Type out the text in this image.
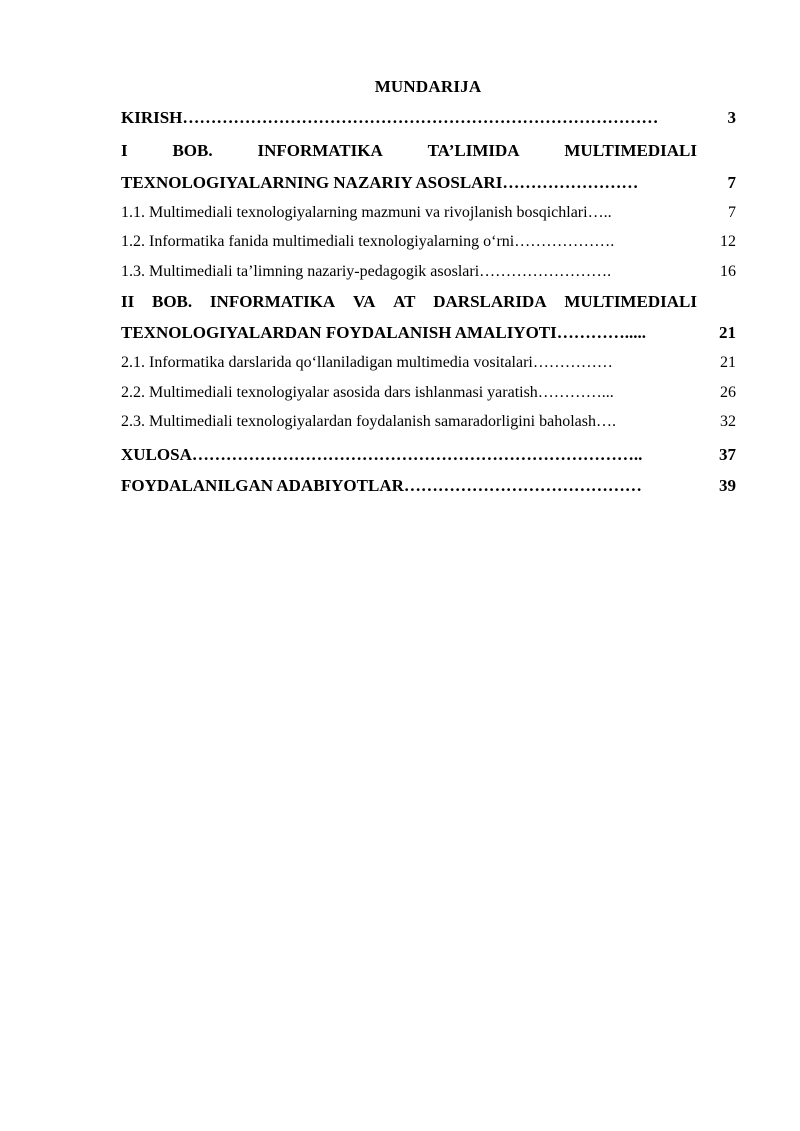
MUNDARIJA
KIRISH…………………………………………………………………………	3
I	BOB.	INFORMATIKA	TA’LIMIDA	MULTIMEDIALI
TEXNOLOGIYALARNING NAZARIY ASOSLARI……………………	7
1.1. Multimediali texnologiyalarning mazmuni va rivojlanish bosqichlari…..	7
1.2. Informatika fanida multimediali texnologiyalarning o‘rni……………….	12
1.3. Multimediali ta’limning nazariy-pedagogik asoslari…………………….	16
II BOB. INFORMATIKA VA AT DARSLARIDA MULTIMEDIALI
TEXNOLOGIYALARDAN FOYDALANISH AMALIYOTI………….....	21
2.1. Informatika darslarida qo‘llaniladigan multimedia vositalari……………	21
2.2. Multimediali texnologiyalar asosida dars ishlanmasi yaratish…………...	26
2.3. Multimediali texnologiyalardan foydalanish samaradorligini baholash….	32
XULOSA……………………………………………………………………..	37
FOYDALANILGAN ADABIYOTLAR……………………………………	39
